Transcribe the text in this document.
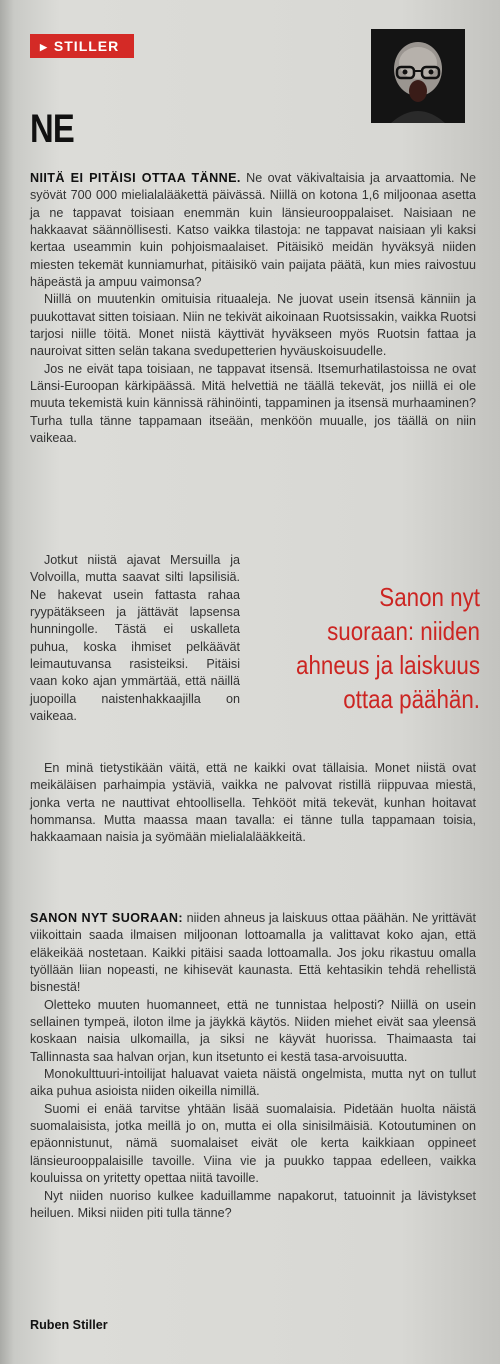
▶ STILLER
NE

NIITÄ EI PITÄISI OTTAA TÄNNE. Ne ovat väkivaltaisia ja arvaattomia. Ne syövät 700 000 mielialalääkettä päivässä. Niillä on kotona 1,6 miljoonaa asetta ja ne tappavat toisiaan enemmän kuin länsieurooppalaiset. Naisiaan ne hakkaavat säännöllisesti. Katso vaikka tilastoja: ne tappavat naisiaan yli kaksi kertaa useammin kuin pohjoismaalaiset. Pitäisikö meidän hyväksyä niiden miesten tekemät kunniamurhat, pitäisikö vain paijata päätä, kun mies raivostuu häpeästä ja ampuu vaimonsa?

Niillä on muutenkin omituisia rituaaleja. Ne juovat usein itsensä känniin ja puukottavat sitten toisiaan. Niin ne tekivät aikoinaan Ruotsissakin, vaikka Ruotsi tarjosi niille töitä. Monet niistä käyttivät hyväkseen myös Ruotsin fattaa ja nauroivat sitten selän takana svedupetterien hyväuskoisuudelle.

Jos ne eivät tapa toisiaan, ne tappavat itsensä. Itsemurhatilastoissa ne ovat Länsi-Euroopan kärkipäässä. Mitä helvettiä ne täällä tekevät, jos niillä ei ole muuta tekemistä kuin kännissä rähinöinti, tappaminen ja itsensä murhaaminen? Turha tulla tänne tappamaan itseään, menköön muualle, jos täällä on niin vaikeaa.

Jotkut niistä ajavat Mersuilla ja Volvoilla, mutta saavat silti lapsilisiä. Ne hakevat usein fattasta rahaa ryypätäkseen ja jättävät lapsensa hunningolle. Tästä ei uskalleta puhua, koska ihmiset pelkäävät leimautuvansa rasisteiksi. Pitäisi vaan koko ajan ymmärtää, että näillä juopoilla naistenhakkaajilla on vaikeaa.

Sanon nyt suoraan: niiden ahneus ja laiskuus ottaa päähän.

En minä tietystikään väitä, että ne kaikki ovat tällaisia. Monet niistä ovat meikäläisen parhaimpia ystäviä, vaikka ne palvovat ristillä riippuvaa miestä, jonka verta ne nauttivat ehtoollisella. Tehkööt mitä tekevät, kunhan hoitavat hommansa. Mutta maassa maan tavalla: ei tänne tulla tappamaan toisia, hakkaamaan naisia ja syömään mielialalääkkeitä.

SANON NYT SUORAAN: niiden ahneus ja laiskuus ottaa päähän. Ne yrittävät viikoittain saada ilmaisen miljoonan lottoamalla ja valittavat koko ajan, että eläkeikää nostetaan. Kaikki pitäisi saada lottoamalla. Jos joku rikastuu omalla työllään liian nopeasti, ne kihisevät kaunasta. Että kehtasikin tehdä rehellistä bisnestä!

Oletteko muuten huomanneet, että ne tunnistaa helposti? Niillä on usein sellainen tympeä, iloton ilme ja jäykkä käytös. Niiden miehet eivät saa yleensä koskaan naisia ulkomailla, ja siksi ne käyvät huorissa. Thaimaasta tai Tallinnasta saa halvan orjan, kun itsetunto ei kestä tasa-arvoisuutta.

Monokulttuuri-intoilijat haluavat vaieta näistä ongelmista, mutta nyt on tullut aika puhua asioista niiden oikeilla nimillä.

Suomi ei enää tarvitse yhtään lisää suomalaisia. Pidetään huolta näistä suomalaisista, jotka meillä jo on, mutta ei olla sinisilmäisiä. Kotoutuminen on epäonnistunut, nämä suomalaiset eivät ole kerta kaikkiaan oppineet länsieurooppalaisille tavoille. Viina vie ja puukko tappaa edelleen, vaikka kouluissa on yritetty opettaa niitä tavoille.

Nyt niiden nuoriso kulkee kaduillamme napakorut, tatuoinnit ja lävistykset heiluen. Miksi niiden piti tulla tänne?

Ruben Stiller
